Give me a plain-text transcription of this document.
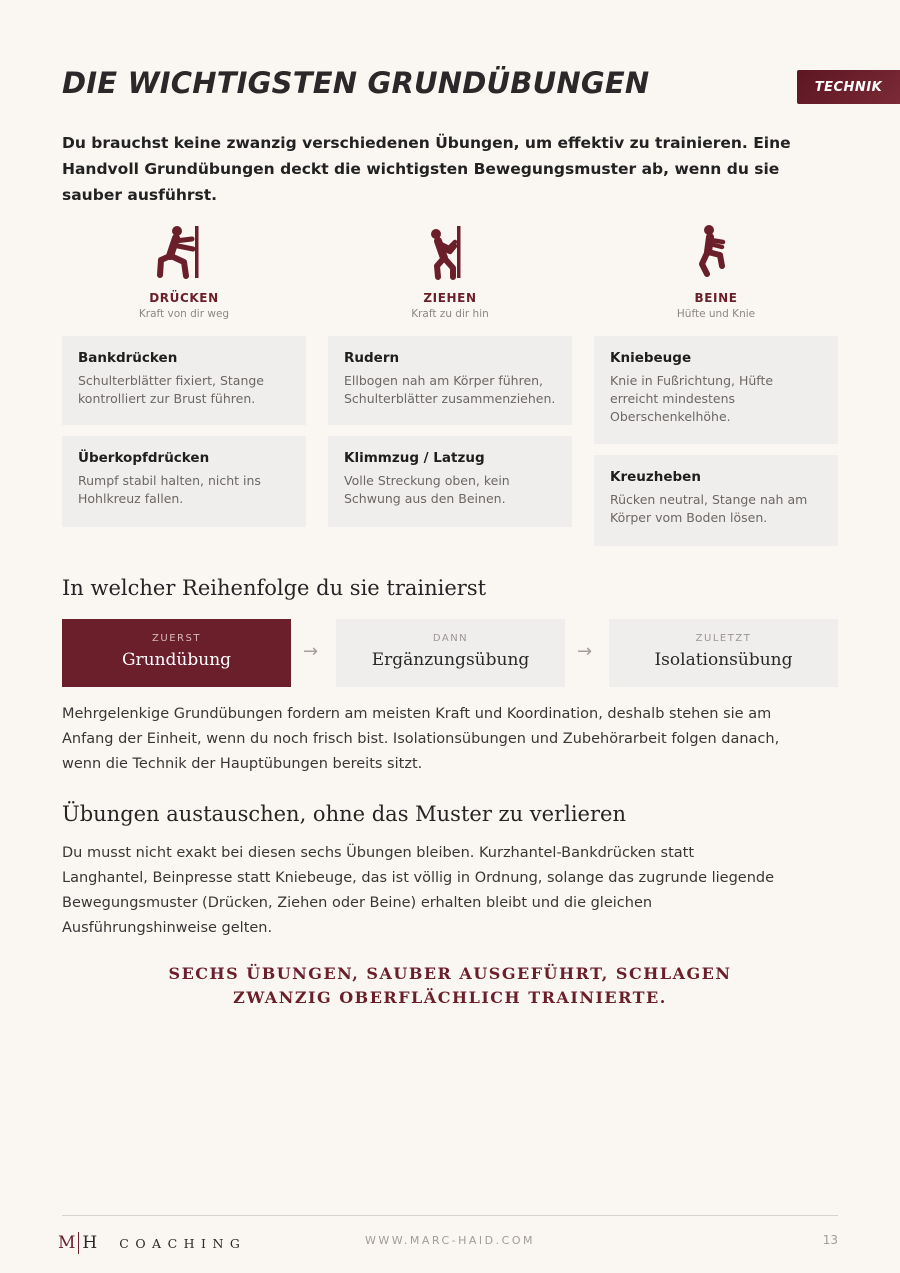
DIE WICHTIGSTEN GRUNDÜBUNGEN	TECHNIK

Du brauchst keine zwanzig verschiedenen Übungen, um effektiv zu trainieren. Eine Handvoll Grundübungen deckt die wichtigsten Bewegungsmuster ab, wenn du sie sauber ausführst.

DRÜCKEN
Kraft von dir weg
Bankdrücken
Schulterblätter fixiert, Stange kontrolliert zur Brust führen.
Überkopfdrücken
Rumpf stabil halten, nicht ins Hohlkreuz fallen.
ZIEHEN
Kraft zu dir hin
Rudern
Ellbogen nah am Körper führen, Schulterblätter zusammenziehen.
Klimmzug / Latzug
Volle Streckung oben, kein Schwung aus den Beinen.
BEINE
Hüfte und Knie
Kniebeuge
Knie in Fußrichtung, Hüfte erreicht mindestens Oberschenkelhöhe.
Kreuzheben
Rücken neutral, Stange nah am Körper vom Boden lösen.
In welcher Reihenfolge du sie trainierst
ZUERST
Grundübung	→
DANN
Ergänzungsübung	→
ZULETZT
Isolationsübung

Mehrgelenkige Grundübungen fordern am meisten Kraft und Koordination, deshalb stehen sie am Anfang der Einheit, wenn du noch frisch bist. Isolationsübungen und Zubehörarbeit folgen danach, wenn die Technik der Hauptübungen bereits sitzt.

Übungen austauschen, ohne das Muster zu verlieren

Du musst nicht exakt bei diesen sechs Übungen bleiben. Kurzhantel-Bankdrücken statt Langhantel, Beinpresse statt Kniebeuge, das ist völlig in Ordnung, solange das zugrunde liegende Bewegungsmuster (Drücken, Ziehen oder Beine) erhalten bleibt und die gleichen Ausführungshinweise gelten.

SECHS ÜBUNGEN, SAUBER AUSGEFÜHRT, SCHLAGEN
ZWANZIG OBERFLÄCHLICH TRAINIERTE.

M H COACHING	WWW.MARC-HAID.COM	13
